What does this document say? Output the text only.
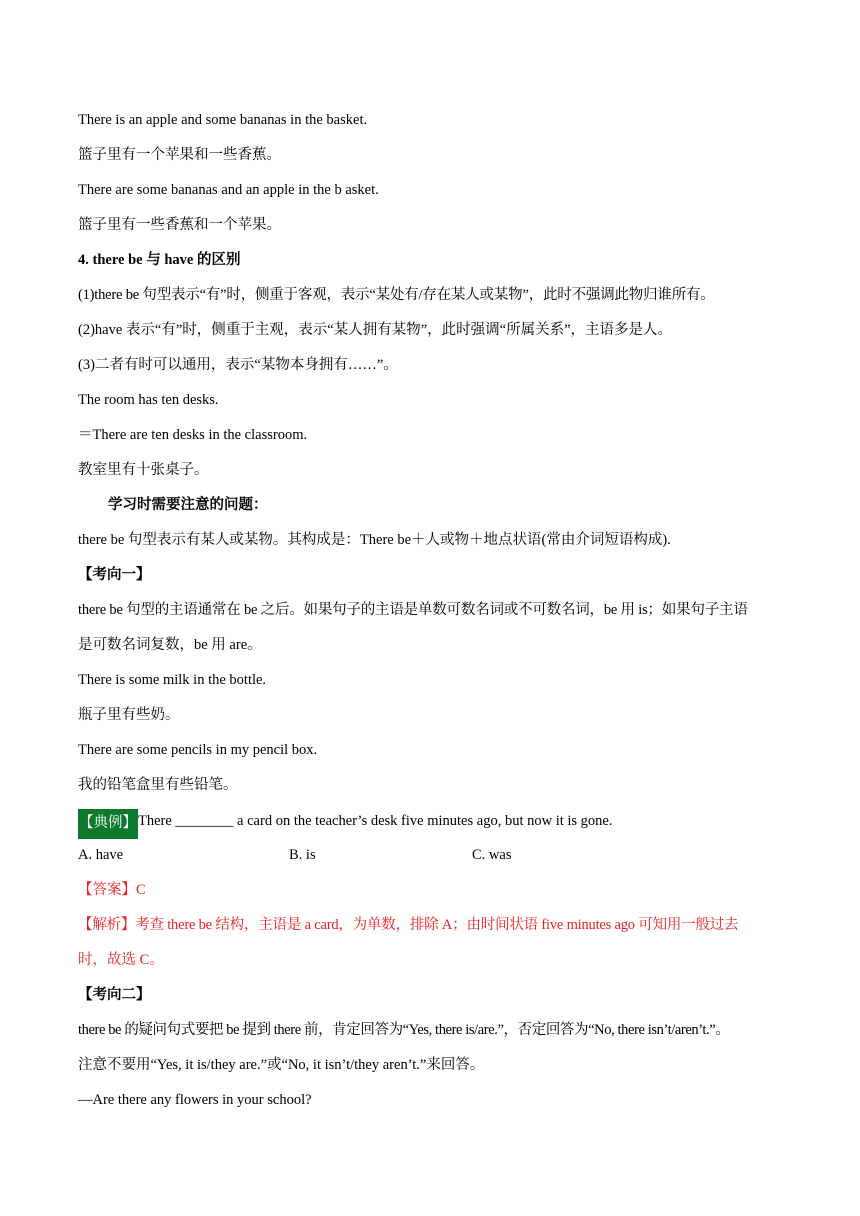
There is an apple and some bananas in the basket.
篮子里有一个苹果和一些香蕉。
There are some bananas and an apple in the b asket.
篮子里有一些香蕉和一个苹果。
4. there be 与 have 的区别
(1)there be 句型表示“有”时，侧重于客观，表示“某处有/存在某人或某物”，此时不强调此物归谁所有。
(2)have 表示“有”时，侧重于主观，表示“某人拥有某物”，此时强调“所属关系”，主语多是人。
(3)二者有时可以通用，表示“某物本身拥有……”。
The room has ten desks.
＝There are ten desks in the classroom.
教室里有十张桌子。
学习时需要注意的问题：
there be 句型表示有某人或某物。其构成是：There be＋人或物＋地点状语(常由介词短语构成).
【考向一】
there be 句型的主语通常在 be 之后。如果句子的主语是单数可数名词或不可数名词，be 用 is；如果句子主语
是可数名词复数，be 用 are。
There is some milk in the bottle.
瓶子里有些奶。
There are some pencils in my pencil box.
我的铅笔盒里有些铅笔。
【典例】There ________ a card on the teacher’s desk five minutes ago, but now it is gone.
A. have	B. is	C. was
【答案】C
【解析】考查 there be 结构，主语是 a card，为单数，排除 A；由时间状语 five minutes ago 可知用一般过去
时，故选 C。
【考向二】
there be 的疑问句式要把 be 提到 there 前，肯定回答为“Yes, there is/are.”，否定回答为“No, there isn’t/aren’t.”。
注意不要用“Yes, it is/they are.”或“No, it isn’t/they aren’t.”来回答。
—Are there any flowers in your school?
